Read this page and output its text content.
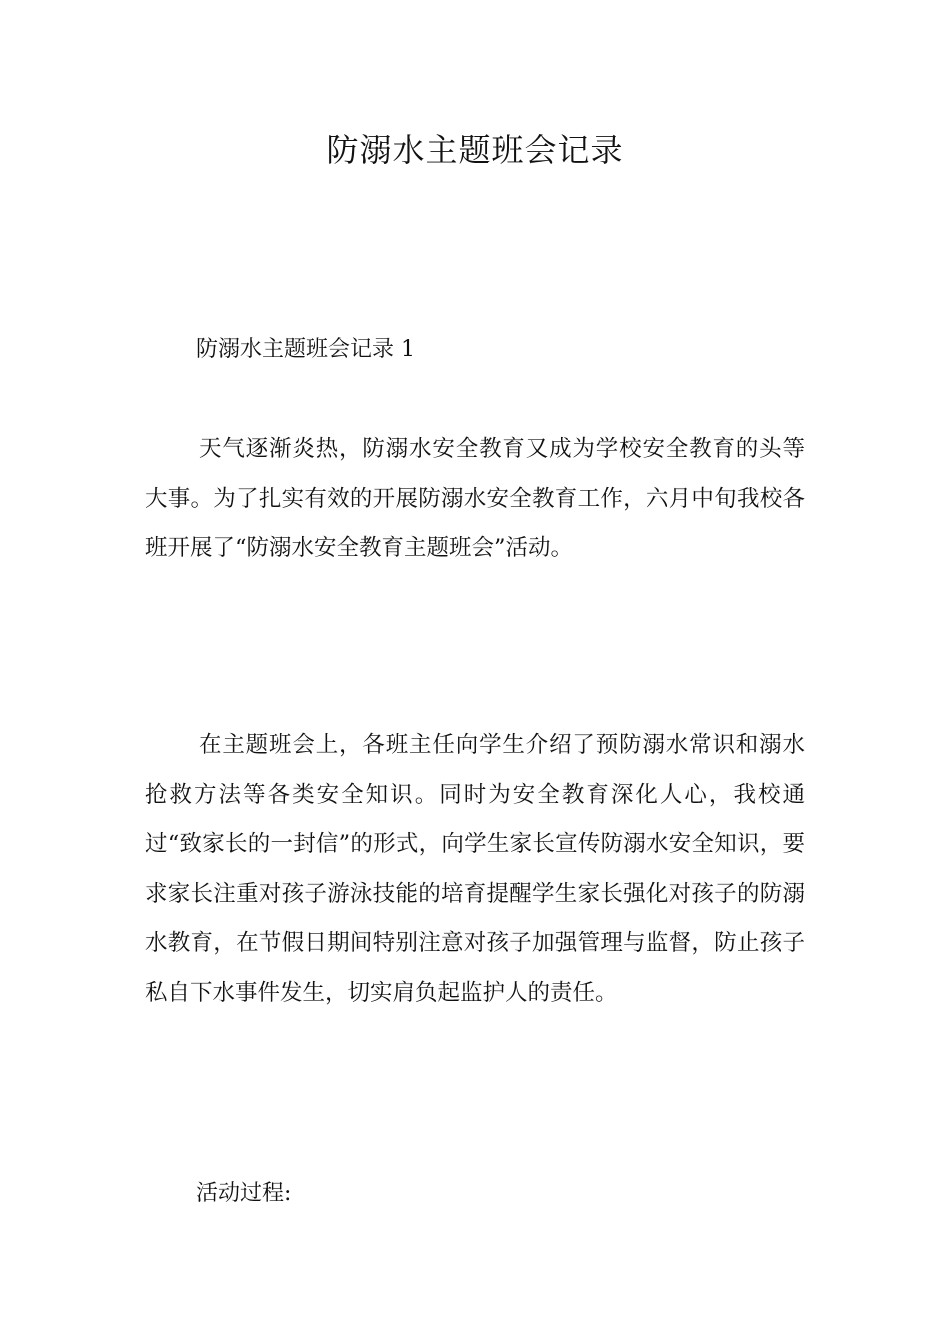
防溺水主题班会记录

防溺水主题班会记录 1

天气逐渐炎热，防溺水安全教育又成为学校安全教育的头等大事。为了扎实有效的开展防溺水安全教育工作，六月中旬我校各班开展了“防溺水安全教育主题班会”活动。

在主题班会上，各班主任向学生介绍了预防溺水常识和溺水抢救方法等各类安全知识。同时为安全教育深化人心，我校通过“致家长的一封信”的形式，向学生家长宣传防溺水安全知识，要求家长注重对孩子游泳技能的培育提醒学生家长强化对孩子的防溺水教育，在节假日期间特别注意对孩子加强管理与监督，防止孩子私自下水事件发生，切实肩负起监护人的责任。

活动过程:
